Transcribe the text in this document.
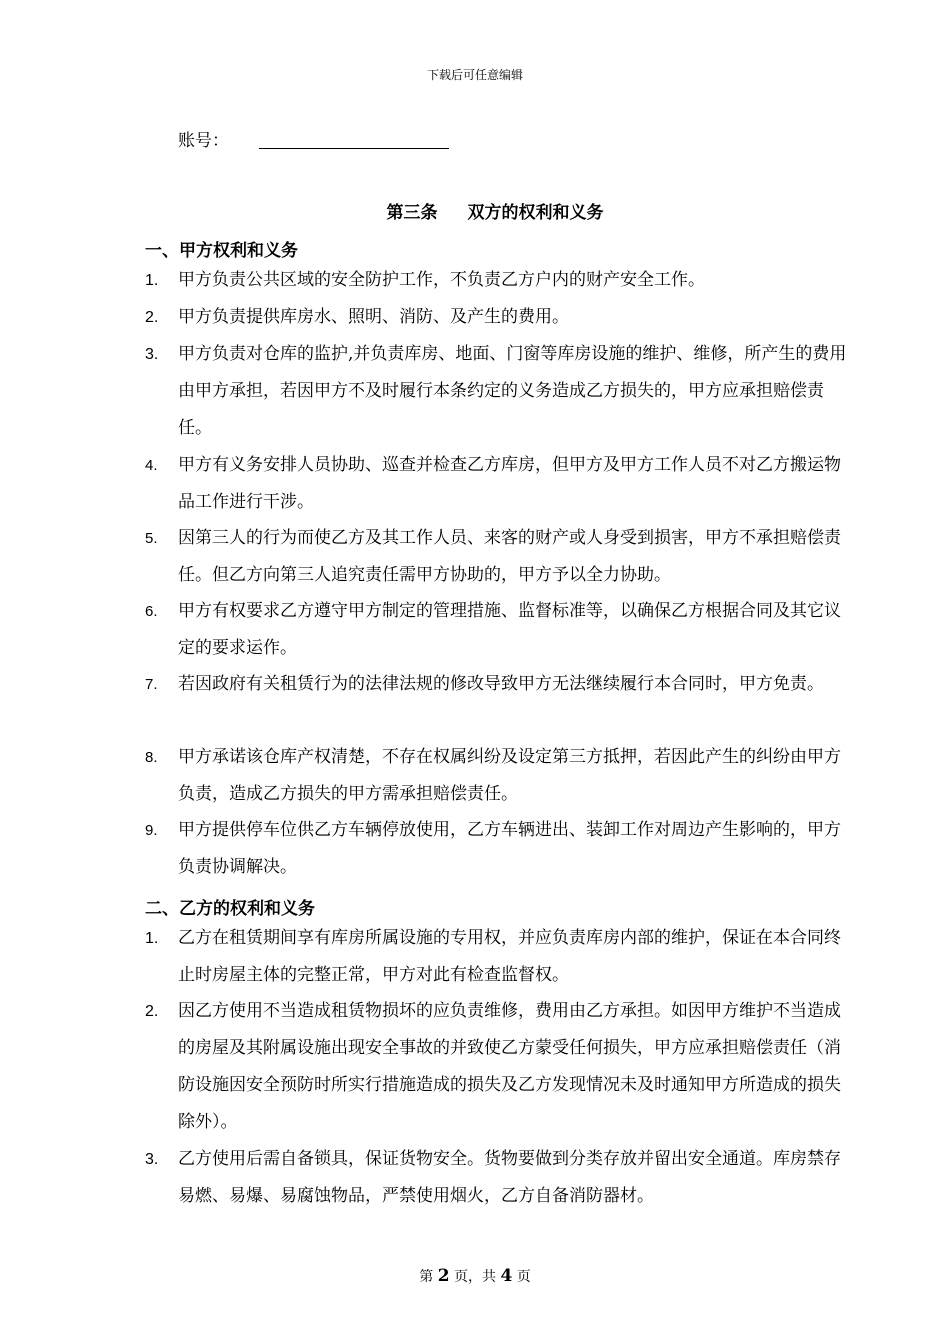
下载后可任意编辑
账号：
第三条 双方的权利和义务
一、甲方权利和义务
1. 甲方负责公共区域的安全防护工作，不负责乙方户内的财产安全工作。
2. 甲方负责提供库房水、照明、消防、及产生的费用。
3. 甲方负责对仓库的监护,并负责库房、地面、门窗等库房设施的维护、维修，所产生的费用由甲方承担，若因甲方不及时履行本条约定的义务造成乙方损失的，甲方应承担赔偿责任。
4. 甲方有义务安排人员协助、巡查并检查乙方库房，但甲方及甲方工作人员不对乙方搬运物品工作进行干涉。
5. 因第三人的行为而使乙方及其工作人员、来客的财产或人身受到损害，甲方不承担赔偿责任。但乙方向第三人追究责任需甲方协助的，甲方予以全力协助。
6. 甲方有权要求乙方遵守甲方制定的管理措施、监督标准等，以确保乙方根据合同及其它议定的要求运作。
7. 若因政府有关租赁行为的法律法规的修改导致甲方无法继续履行本合同时，甲方免责。
8. 甲方承诺该仓库产权清楚，不存在权属纠纷及设定第三方抵押，若因此产生的纠纷由甲方负责，造成乙方损失的甲方需承担赔偿责任。
9. 甲方提供停车位供乙方车辆停放使用，乙方车辆进出、装卸工作对周边产生影响的，甲方负责协调解决。
二、乙方的权利和义务
1. 乙方在租赁期间享有库房所属设施的专用权，并应负责库房内部的维护，保证在本合同终止时房屋主体的完整正常，甲方对此有检查监督权。
2. 因乙方使用不当造成租赁物损坏的应负责维修，费用由乙方承担。如因甲方维护不当造成的房屋及其附属设施出现安全事故的并致使乙方蒙受任何损失，甲方应承担赔偿责任（消防设施因安全预防时所实行措施造成的损失及乙方发现情况未及时通知甲方所造成的损失除外）。
3. 乙方使用后需自备锁具，保证货物安全。货物要做到分类存放并留出安全通道。库房禁存易燃、易爆、易腐蚀物品，严禁使用烟火，乙方自备消防器材。
第 2 页，共 4 页
